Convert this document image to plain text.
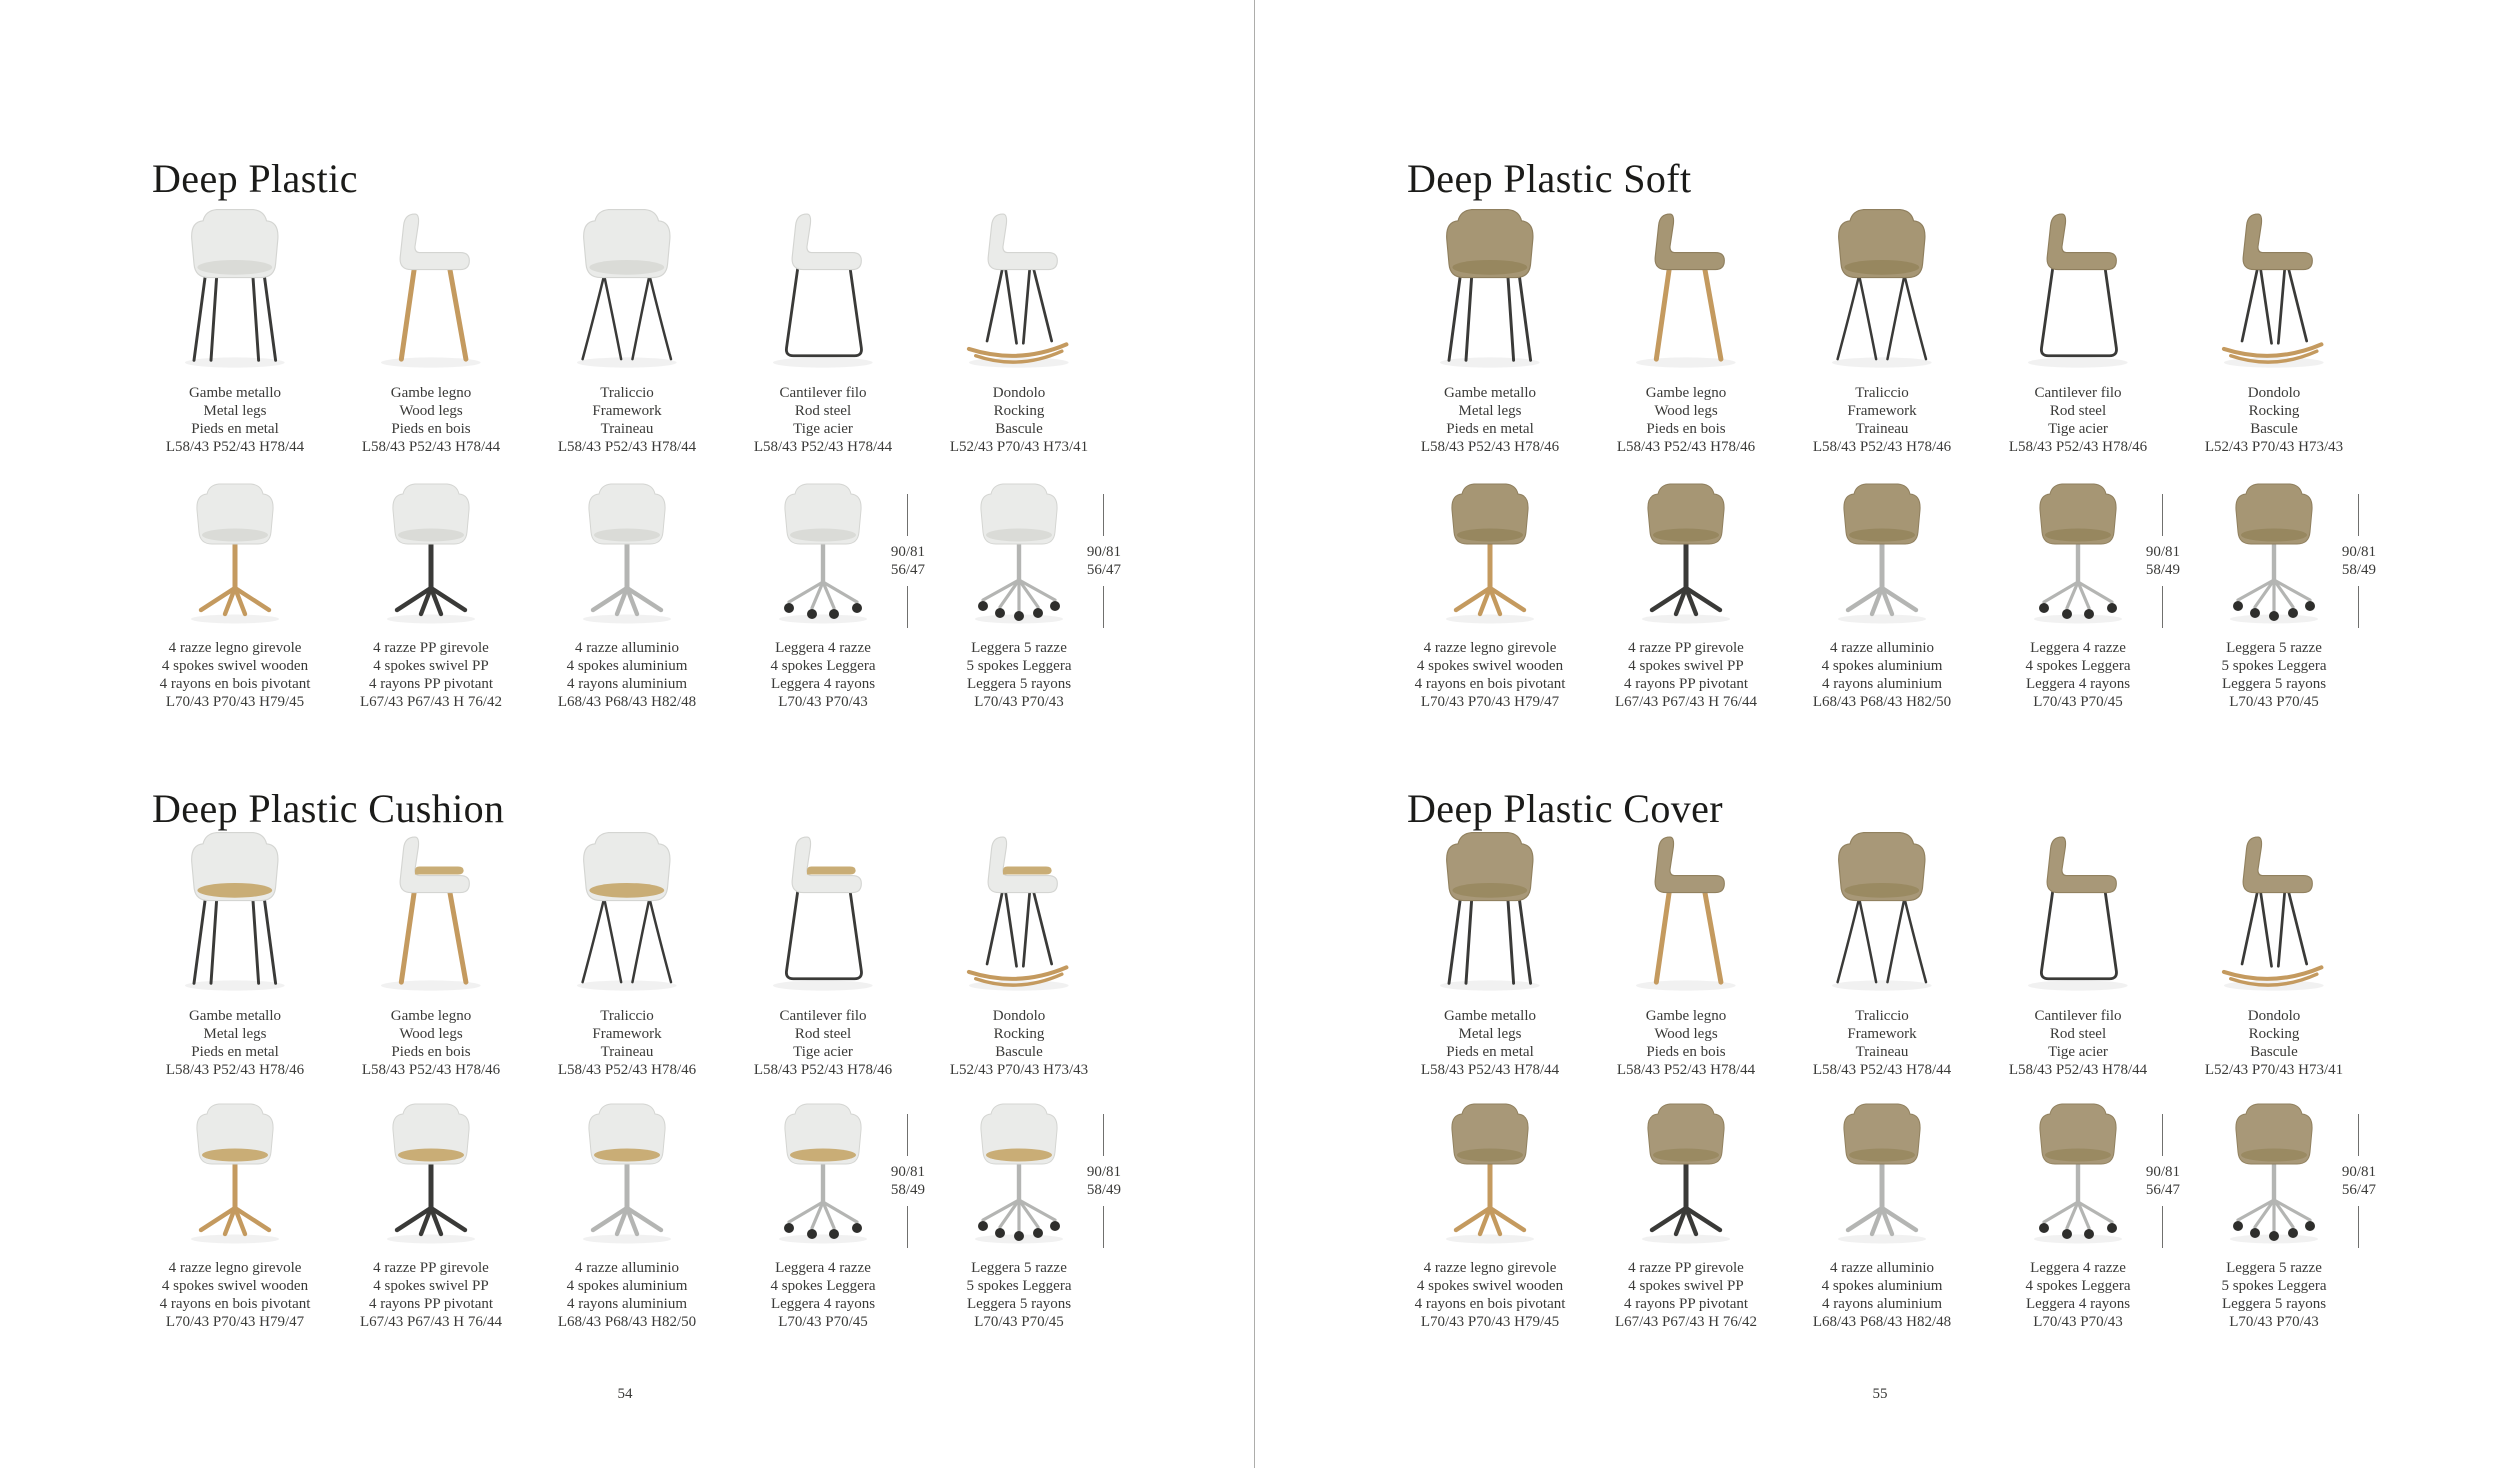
Deep Plastic
Gambe metallo
Metal legs
Pieds en metal
L58/43 P52/43 H78/44
Gambe legno
Wood legs
Pieds en bois
L58/43 P52/43 H78/44
Traliccio
Framework
Traineau
L58/43 P52/43 H78/44
Cantilever filo
Rod steel
Tige acier
L58/43 P52/43 H78/44
Dondolo
Rocking
Bascule
L52/43 P70/43 H73/41
4 razze legno girevole
4 spokes swivel wooden
4 rayons en bois pivotant
L70/43 P70/43 H79/45
4 razze PP girevole
4 spokes swivel PP
4 rayons PP pivotant
L67/43 P67/43 H 76/42
4 razze alluminio
4 spokes aluminium
4 rayons aluminium
L68/43 P68/43 H82/48
90/81
56/47
Leggera 4 razze
4 spokes Leggera
Leggera 4 rayons
L70/43 P70/43
90/81
56/47
Leggera 5 razze
5 spokes Leggera
Leggera 5 rayons
L70/43 P70/43
Deep Plastic Cushion
Gambe metallo
Metal legs
Pieds en metal
L58/43 P52/43 H78/46
Gambe legno
Wood legs
Pieds en bois
L58/43 P52/43 H78/46
Traliccio
Framework
Traineau
L58/43 P52/43 H78/46
Cantilever filo
Rod steel
Tige acier
L58/43 P52/43 H78/46
Dondolo
Rocking
Bascule
L52/43 P70/43 H73/43
4 razze legno girevole
4 spokes swivel wooden
4 rayons en bois pivotant
L70/43 P70/43 H79/47
4 razze PP girevole
4 spokes swivel PP
4 rayons PP pivotant
L67/43 P67/43 H 76/44
4 razze alluminio
4 spokes aluminium
4 rayons aluminium
L68/43 P68/43 H82/50
90/81
58/49
Leggera 4 razze
4 spokes Leggera
Leggera 4 rayons
L70/43 P70/45
90/81
58/49
Leggera 5 razze
5 spokes Leggera
Leggera 5 rayons
L70/43 P70/45
54
Deep Plastic Soft
Gambe metallo
Metal legs
Pieds en metal
L58/43 P52/43 H78/46
Gambe legno
Wood legs
Pieds en bois
L58/43 P52/43 H78/46
Traliccio
Framework
Traineau
L58/43 P52/43 H78/46
Cantilever filo
Rod steel
Tige acier
L58/43 P52/43 H78/46
Dondolo
Rocking
Bascule
L52/43 P70/43 H73/43
4 razze legno girevole
4 spokes swivel wooden
4 rayons en bois pivotant
L70/43 P70/43 H79/47
4 razze PP girevole
4 spokes swivel PP
4 rayons PP pivotant
L67/43 P67/43 H 76/44
4 razze alluminio
4 spokes aluminium
4 rayons aluminium
L68/43 P68/43 H82/50
90/81
58/49
Leggera 4 razze
4 spokes Leggera
Leggera 4 rayons
L70/43 P70/45
90/81
58/49
Leggera 5 razze
5 spokes Leggera
Leggera 5 rayons
L70/43 P70/45
Deep Plastic Cover
Gambe metallo
Metal legs
Pieds en metal
L58/43 P52/43 H78/44
Gambe legno
Wood legs
Pieds en bois
L58/43 P52/43 H78/44
Traliccio
Framework
Traineau
L58/43 P52/43 H78/44
Cantilever filo
Rod steel
Tige acier
L58/43 P52/43 H78/44
Dondolo
Rocking
Bascule
L52/43 P70/43 H73/41
4 razze legno girevole
4 spokes swivel wooden
4 rayons en bois pivotant
L70/43 P70/43 H79/45
4 razze PP girevole
4 spokes swivel PP
4 rayons PP pivotant
L67/43 P67/43 H 76/42
4 razze alluminio
4 spokes aluminium
4 rayons aluminium
L68/43 P68/43 H82/48
90/81
56/47
Leggera 4 razze
4 spokes Leggera
Leggera 4 rayons
L70/43 P70/43
90/81
56/47
Leggera 5 razze
5 spokes Leggera
Leggera 5 rayons
L70/43 P70/43
55
